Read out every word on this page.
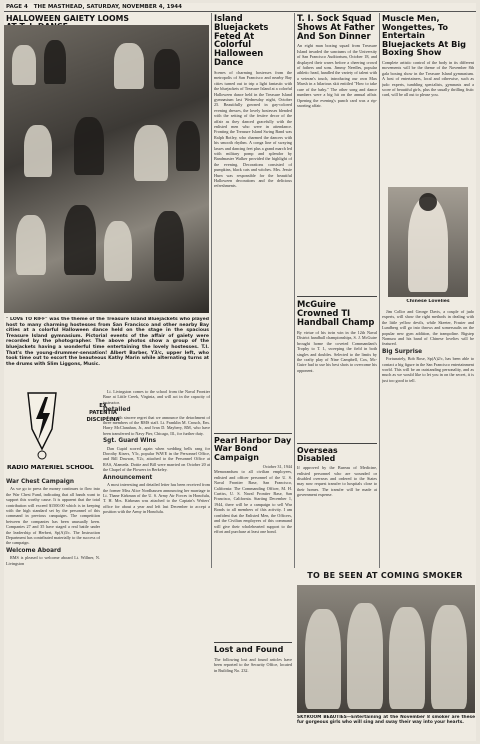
PAGE 4 THE MASTHEAD, SATURDAY, NOVEMBER 4, 1944
HALLOWEEN GAIETY LOOMS
" LOVE TO RIFF" was the theme of the Treasure Island Bluejackets who played host to many charming hostesses from San Francisco and other nearby Bay cities at a colorful Halloween dance held on the stage in the spacious Treasure Island gymnasium. Pictorial events of the affair of gaiety were recorded by the photographer. The above photos show a group of the bluejackets having a wonderful time entertaining the lovely hostesses. T.I. That's the young-drummer-sensation! Albert Barber, Y3/c, upper left, who took time out to escort the beauteous Kathy Marin while alternating turns at the drums with Slim Liggons, Music.
EX
PATENTIA
DISCIPLINA
RADIO MATERIEL SCHOOL
War Chest Campaign

As we go to press the money continues to flow into the War Chest Fund, indicating that all hands want to support this worthy cause. It is apparent that the total contribution will exceed $1500.00 which is in keeping with the high standard set by the personnel of this command in previous campaigns. The competition between the companies has been unusually keen. Companies 27 and 35 have staged a real battle under the leadership of Herbert, Sp(A)3/c. The Instruction Department has contributed materially to the success of the campaign.

Welcome Aboard

RMS is pleased to welcome aboard Lt. Willner, N. Livingston

Lt. Livingston comes to the school from the Naval Frontier Base at Little Creek, Virginia, and will act in the capacity of instructor.

Detailed

It is with sincere regret that we announce the detachment of three members of the RMS staff. Lt. Franklin M. Crouch, Ens. Harry McClanahan, Jr., and Ivan D. Maybery, RM, who have been transferred to Navy Pier, Chicago, Ill., for further duty.

Sgt. Guard Wins

Dan Cupid scored again when wedding bells rang for Dorothy Kisers, Y3c, popular WAVE in the Personnel Office, and Bill Dawson, Y2c, attached to the Personnel Office at RAS, Alameda. Dottie and Bill were married on October 20 at the Chapel of the Flowers in Berkeley.

Announcement

A most interesting and detailed letter has been received from the former Miss Alice Nordhausen announcing her marriage to Lt. Thane Kirkman of the U. S. Army Air Forces in Honolulu, T. H. Mrs. Kirkman was attached to the Captain's Writers' office for about a year and left last December to accept a position with the Army in Honolulu.

Island Bluejackets Feted At Colorful Halloween Dance
Scenes of charming hostesses from the metropolis of San Francisco and nearby Bay cities turned out to trip a light fantastic with the bluejackets of Treasure Island at a colorful Halloween dance held in the Treasure Island gymnasium last Wednesday night, October 25. Beautifully gowned in gay-colored evening dresses, the lovely hostesses blended with the setting of the festive decor of the affair as they danced gracefully with the enlisted men who were in attendance. Fronting the Treasure Island Swing Band was Ralph Botley, who charmed the dancers with his smooth rhythm. A conga line of swaying lasses and dancing feet plus a grand march led with military pomp and splendor by Bandmaster Walker provided the highlight of the evening. Decorations consisted of pumpkins, black cats and witches. Mrs. Jessie Hurn was responsible for the beautiful Halloween decorations and the delicious refreshments.
Pearl Harbor Day War Bond Campaign
October 31, 1944
Memorandum to all civilian employees, enlisted and officer personnel of the U. S. Naval Frontier Base, San Francisco, California: The Commanding Officer, M. H. Curtiss, U. S. Naval Frontier Base, San Francisco, California. Starting December 1, 1944, there will be a campaign to sell War Bonds to all members of this activity. I am confident that the Enlisted Men, the Officers, and the Civilian employees of this command will give their wholehearted support to the effort and purchase at least one bond.
Lost and Found
The following lost and found articles have been reported to the Security Office, located in Building No. 232.
T. I. Sock Squad Shows At Father And Son Dinner
An eight man boxing squad from Treasure Island invaded the sanctums of the University of San Francisco Auditorium, October 18, and displayed their wares before a cheering crowd of fathers and sons. Jimmy Needles, popular athletic head, handled the variety of talent with a veteran's touch, introducing our own Max Marsh in a hilarious skit entitled "How to take care of the baby." The other song and dance numbers were a big hit on the annual affair. Opening the evening's punch card was a rip-snorting affair.
McGuire Crowned TI Handball Champ
By virtue of his twin win in the 12th Naval District handball championships, S. J. McGuire brought home the coveted Commandant's Trophy to T. I., sweeping the field in both singles and doubles. Selected to the limits by the crafty play of Nine Campbell, Cox, Mc-Guire had to use his best shots to overcome his opponent.
Overseas Disabled
If approved by the Bureau of Medicine, enlisted personnel who are wounded or disabled overseas and ordered to the States may now request transfer to hospitals close to their homes. The transfer will be made at government expense.
Muscle Men, Wongettes, To Entertain Bluejackets At Big Boxing Show
Complete artistic control of the body in its different movements will be the theme of the November 8th gala boxing show in the Treasure Island gymnasium. A host of entertainers, local and otherwise, such as judo experts, tumbling specialists, gymnasts and a score of beautiful girls, plus the usually thrilling fistic card, will be all out to please you.
Chinese Lovelies

Jim Collor and George Davis, a couple of judo experts, will show the right methods in dealing with the little yellow devils, while Skeeter, Frasier and Lundberg will go into throws and somersaults on the popular new gym addition, the trampoline. Bigstep Nomura and his band of Chinese lovelies will be featured.

Big Surprise

Fortunately, Bob Rose, Sp(A)2/c, has been able to contact a big figure in the San Francisco entertainment world. This will be an outstanding personality, and as much as we would like to let you in on the secret, it is just too good to tell.

TO BE SEEN AT COMING SMOKER
SKYROOM BEAUTIES—Entertaining at the November 8 smoker are these fur gorgeous girls who will sing and sway their way into your hearts.
